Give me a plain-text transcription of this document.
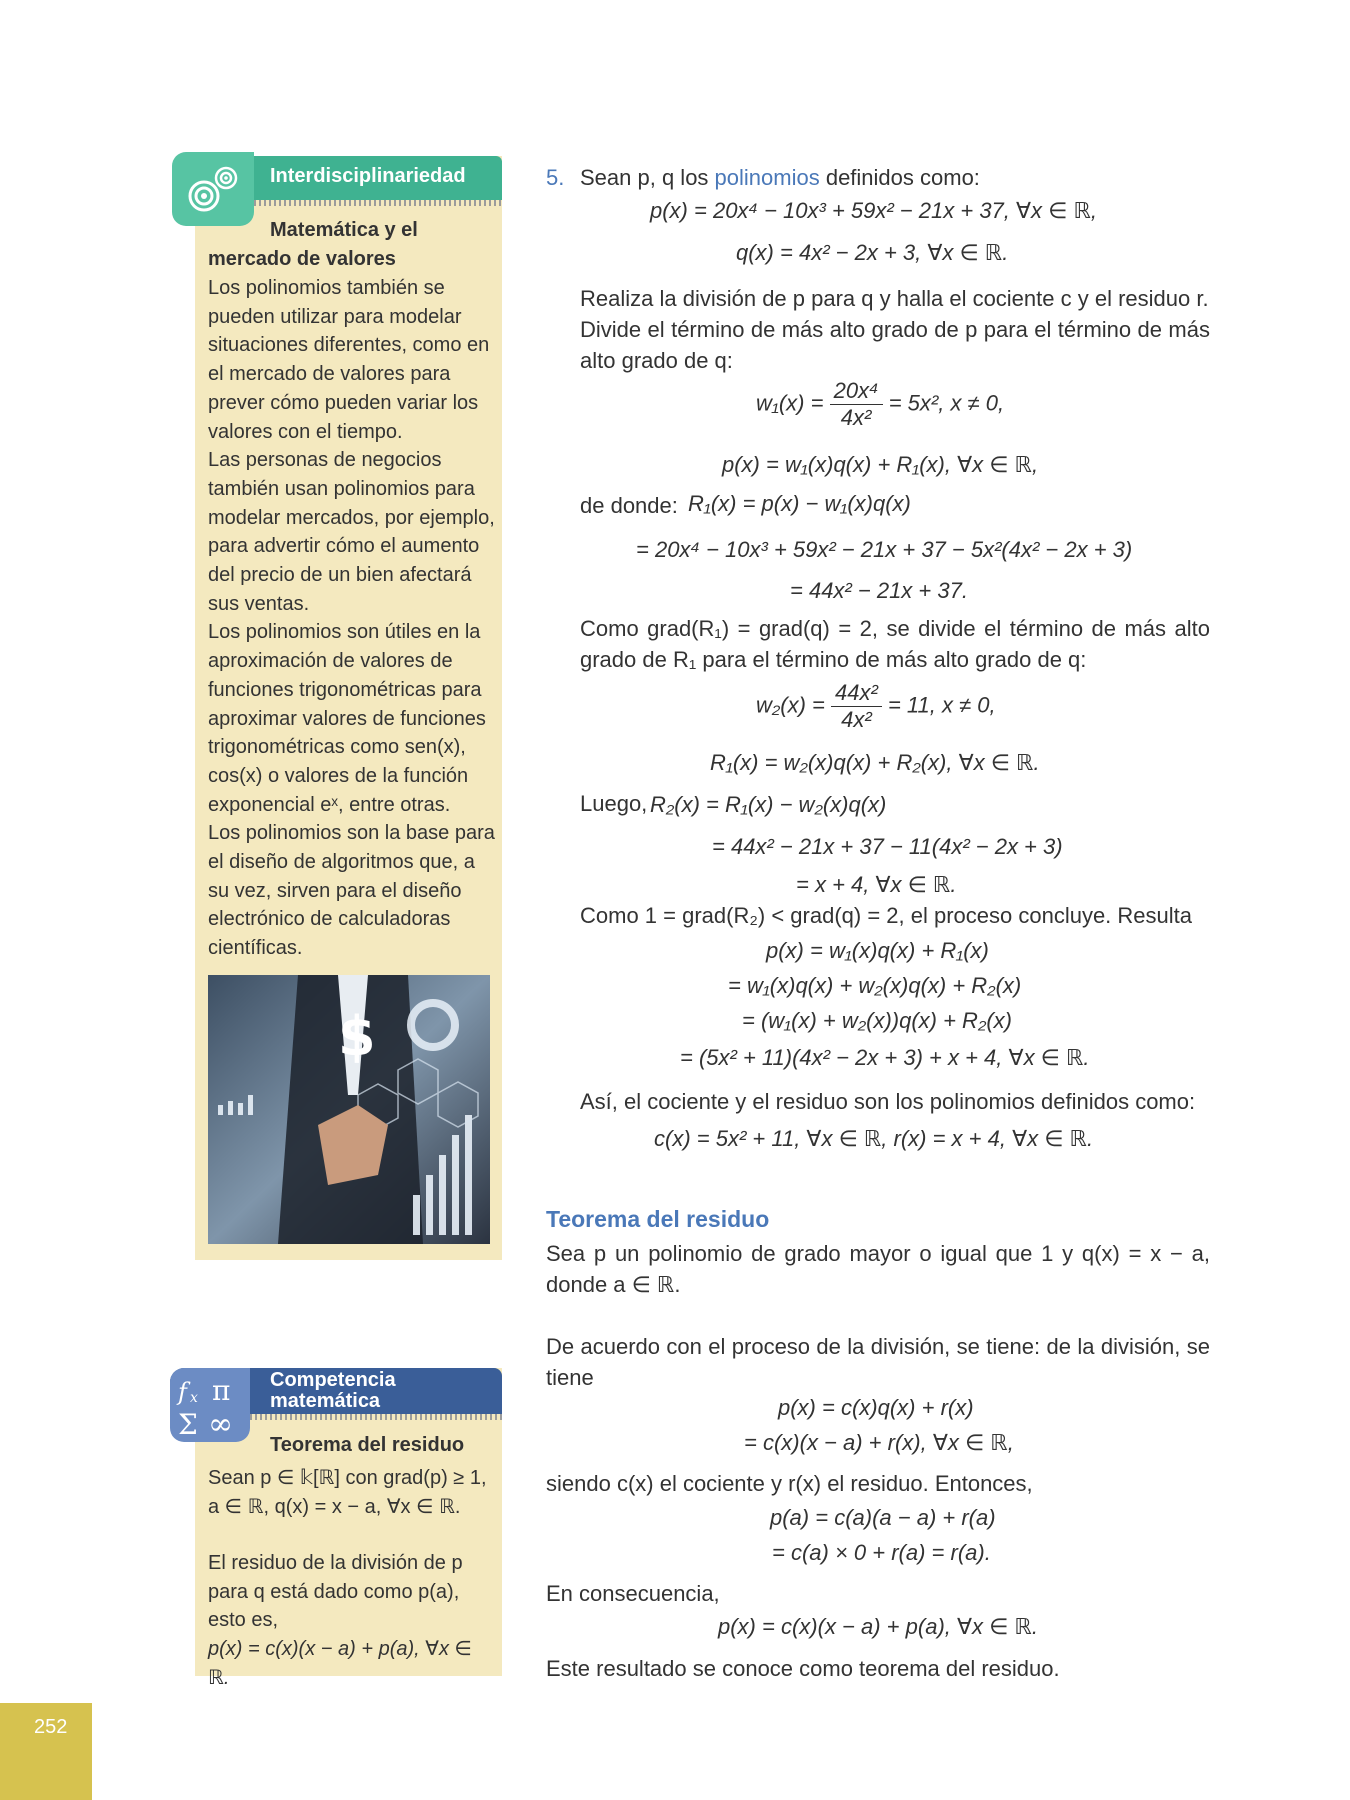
Interdisciplinariedad
Matemática y el
mercado de valores

Los polinomios también se pueden utilizar para modelar situaciones diferentes, como en el mercado de valores para prever cómo pueden variar los valores con el tiempo.

Las personas de negocios también usan polinomios para modelar mercados, por ejemplo, para advertir cómo el aumento del precio de un bien afectará sus ventas.

Los polinomios son útiles en la aproximación de valores de funciones trigonométricas para aproximar valores de funciones trigonométricas como sen(x), cos(x) o valores de la función exponencial eˣ, entre otras.

Los polinomios son la base para el diseño de algoritmos que, a su vez, sirven para el diseño electrónico de calculadoras científicas.

$
Competencia
matemática
f x π
Σ ∞
Teorema del residuo

Sean p ∈ 𝕜[ℝ] con grad(p) ≥ 1,

a ∈ ℝ, q(x) = x − a, ∀x ∈ ℝ.

El residuo de la división de p

para q está dado como p(a),

esto es,

p(x) = c(x)(x − a) + p(a), ∀x ∈ ℝ.

5. Sean p, q los polinomios definidos como:
p(x) = 20x⁴ − 10x³ + 59x² − 21x + 37, ∀x ∈ ℝ,
q(x) = 4x² − 2x + 3, ∀x ∈ ℝ.
Realiza la división de p para q y halla el cociente c y el residuo r.
Divide el término de más alto grado de p para el término de más alto grado de q:
$w_1(x) = \frac{\text{20x⁴}}{\text{4x²}} = 5x^2$, x ≠ 0,
p(x) = w₁(x)q(x) + R₁(x), ∀x ∈ ℝ,
de donde: R₁(x) = p(x) − w₁(x)q(x)
= 20x⁴ − 10x³ + 59x² − 21x + 37 − 5x²(4x² − 2x + 3)
= 44x² − 21x + 37.
Como grad(R₁) = grad(q) = 2, se divide el término de más alto grado de R₁ para el término de más alto grado de q:
$w_2(x) = \frac{\text{44x²}}{\text{4x²}} = 11$, x ≠ 0,
R₁(x) = w₂(x)q(x) + R₂(x), ∀x ∈ ℝ.
Luego, R₂(x) = R₁(x) − w₂(x)q(x)
= 44x² − 21x + 37 − 11(4x² − 2x + 3)
= x + 4, ∀x ∈ ℝ.
Como 1 = grad(R₂) < grad(q) = 2, el proceso concluye. Resulta
p(x) = w₁(x)q(x) + R₁(x)
= w₁(x)q(x) + w₂(x)q(x) + R₂(x)
= (w₁(x) + w₂(x))q(x) + R₂(x)
= (5x² + 11)(4x² − 2x + 3) + x + 4, ∀x ∈ ℝ.
Así, el cociente y el residuo son los polinomios definidos como:
c(x) = 5x² + 11, ∀x ∈ ℝ, r(x) = x + 4, ∀x ∈ ℝ.
Teorema del residuo
Sea p un polinomio de grado mayor o igual que 1 y q(x) = x − a, donde a ∈ ℝ.
De acuerdo con el proceso de la división, se tiene: de la división, se tiene
p(x) = c(x)q(x) + r(x)
= c(x)(x − a) + r(x), ∀x ∈ ℝ,
siendo c(x) el cociente y r(x) el residuo. Entonces,
p(a) = c(a)(a − a) + r(a)
= c(a) × 0 + r(a) = r(a).
En consecuencia,
p(x) = c(x)(x − a) + p(a), ∀x ∈ ℝ.
Este resultado se conoce como teorema del residuo.
252
